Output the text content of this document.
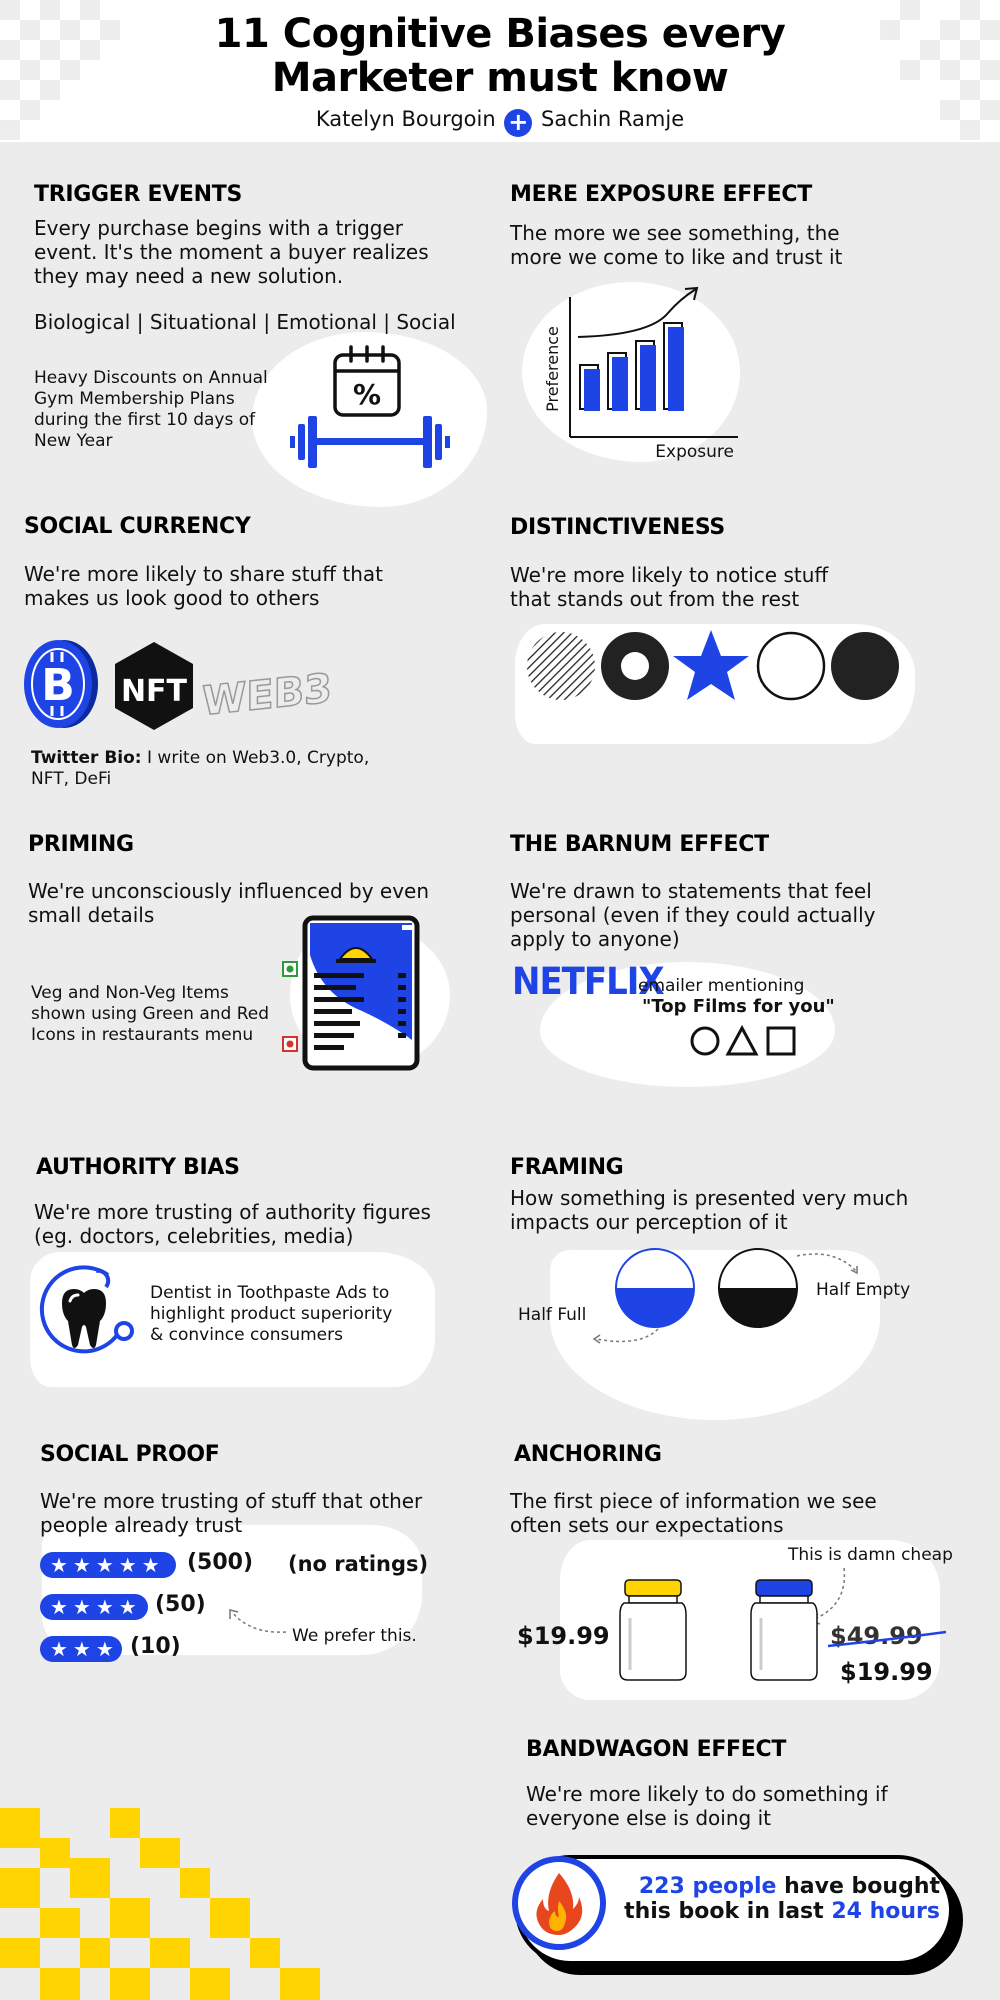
11 Cognitive Biases every
Marketer must know
Katelyn Bourgoin + Sachin Ramje
TRIGGER EVENTS
Every purchase begins with a trigger event. It's the moment a buyer realizes they may need a new solution.
Biological | Situational | Emotional | Social
Heavy Discounts on Annual Gym Membership Plans during the first 10 days of New Year
%
MERE EXPOSURE EFFECT
The more we see something, the more we come to like and trust it
Preference
Exposure
SOCIAL CURRENCY
We're more likely to share stuff that makes us look good to others
B NFT WEB3
Twitter Bio: I write on Web3.0, Crypto, NFT, DeFi
DISTINCTIVENESS
We're more likely to notice stuff that stands out from the rest
PRIMING
We're unconsciously influenced by even small details
Veg and Non-Veg Items shown using Green and Red Icons in restaurants menu
THE BARNUM EFFECT
We're drawn to statements that feel personal (even if they could actually apply to anyone)
NETFLIX
emailer mentioning
"Top Films for you"
AUTHORITY BIAS
We're more trusting of authority figures (eg. doctors, celebrities, media)
Dentist in Toothpaste Ads to highlight product superiority & convince consumers
FRAMING
How something is presented very much impacts our perception of it
Half Full
Half Empty
SOCIAL PROOF
We're more trusting of stuff that other people already trust
★★★★★	(500) (no ratings)
★★★★ (50)
★★★ (10)	We prefer this.
ANCHORING
The first piece of information we see often sets our expectations
This is damn cheap
$19.99	$49.99
$19.99
BANDWAGON EFFECT
We're more likely to do something if everyone else is doing it
223 people have bought
this book in last 24 hours
